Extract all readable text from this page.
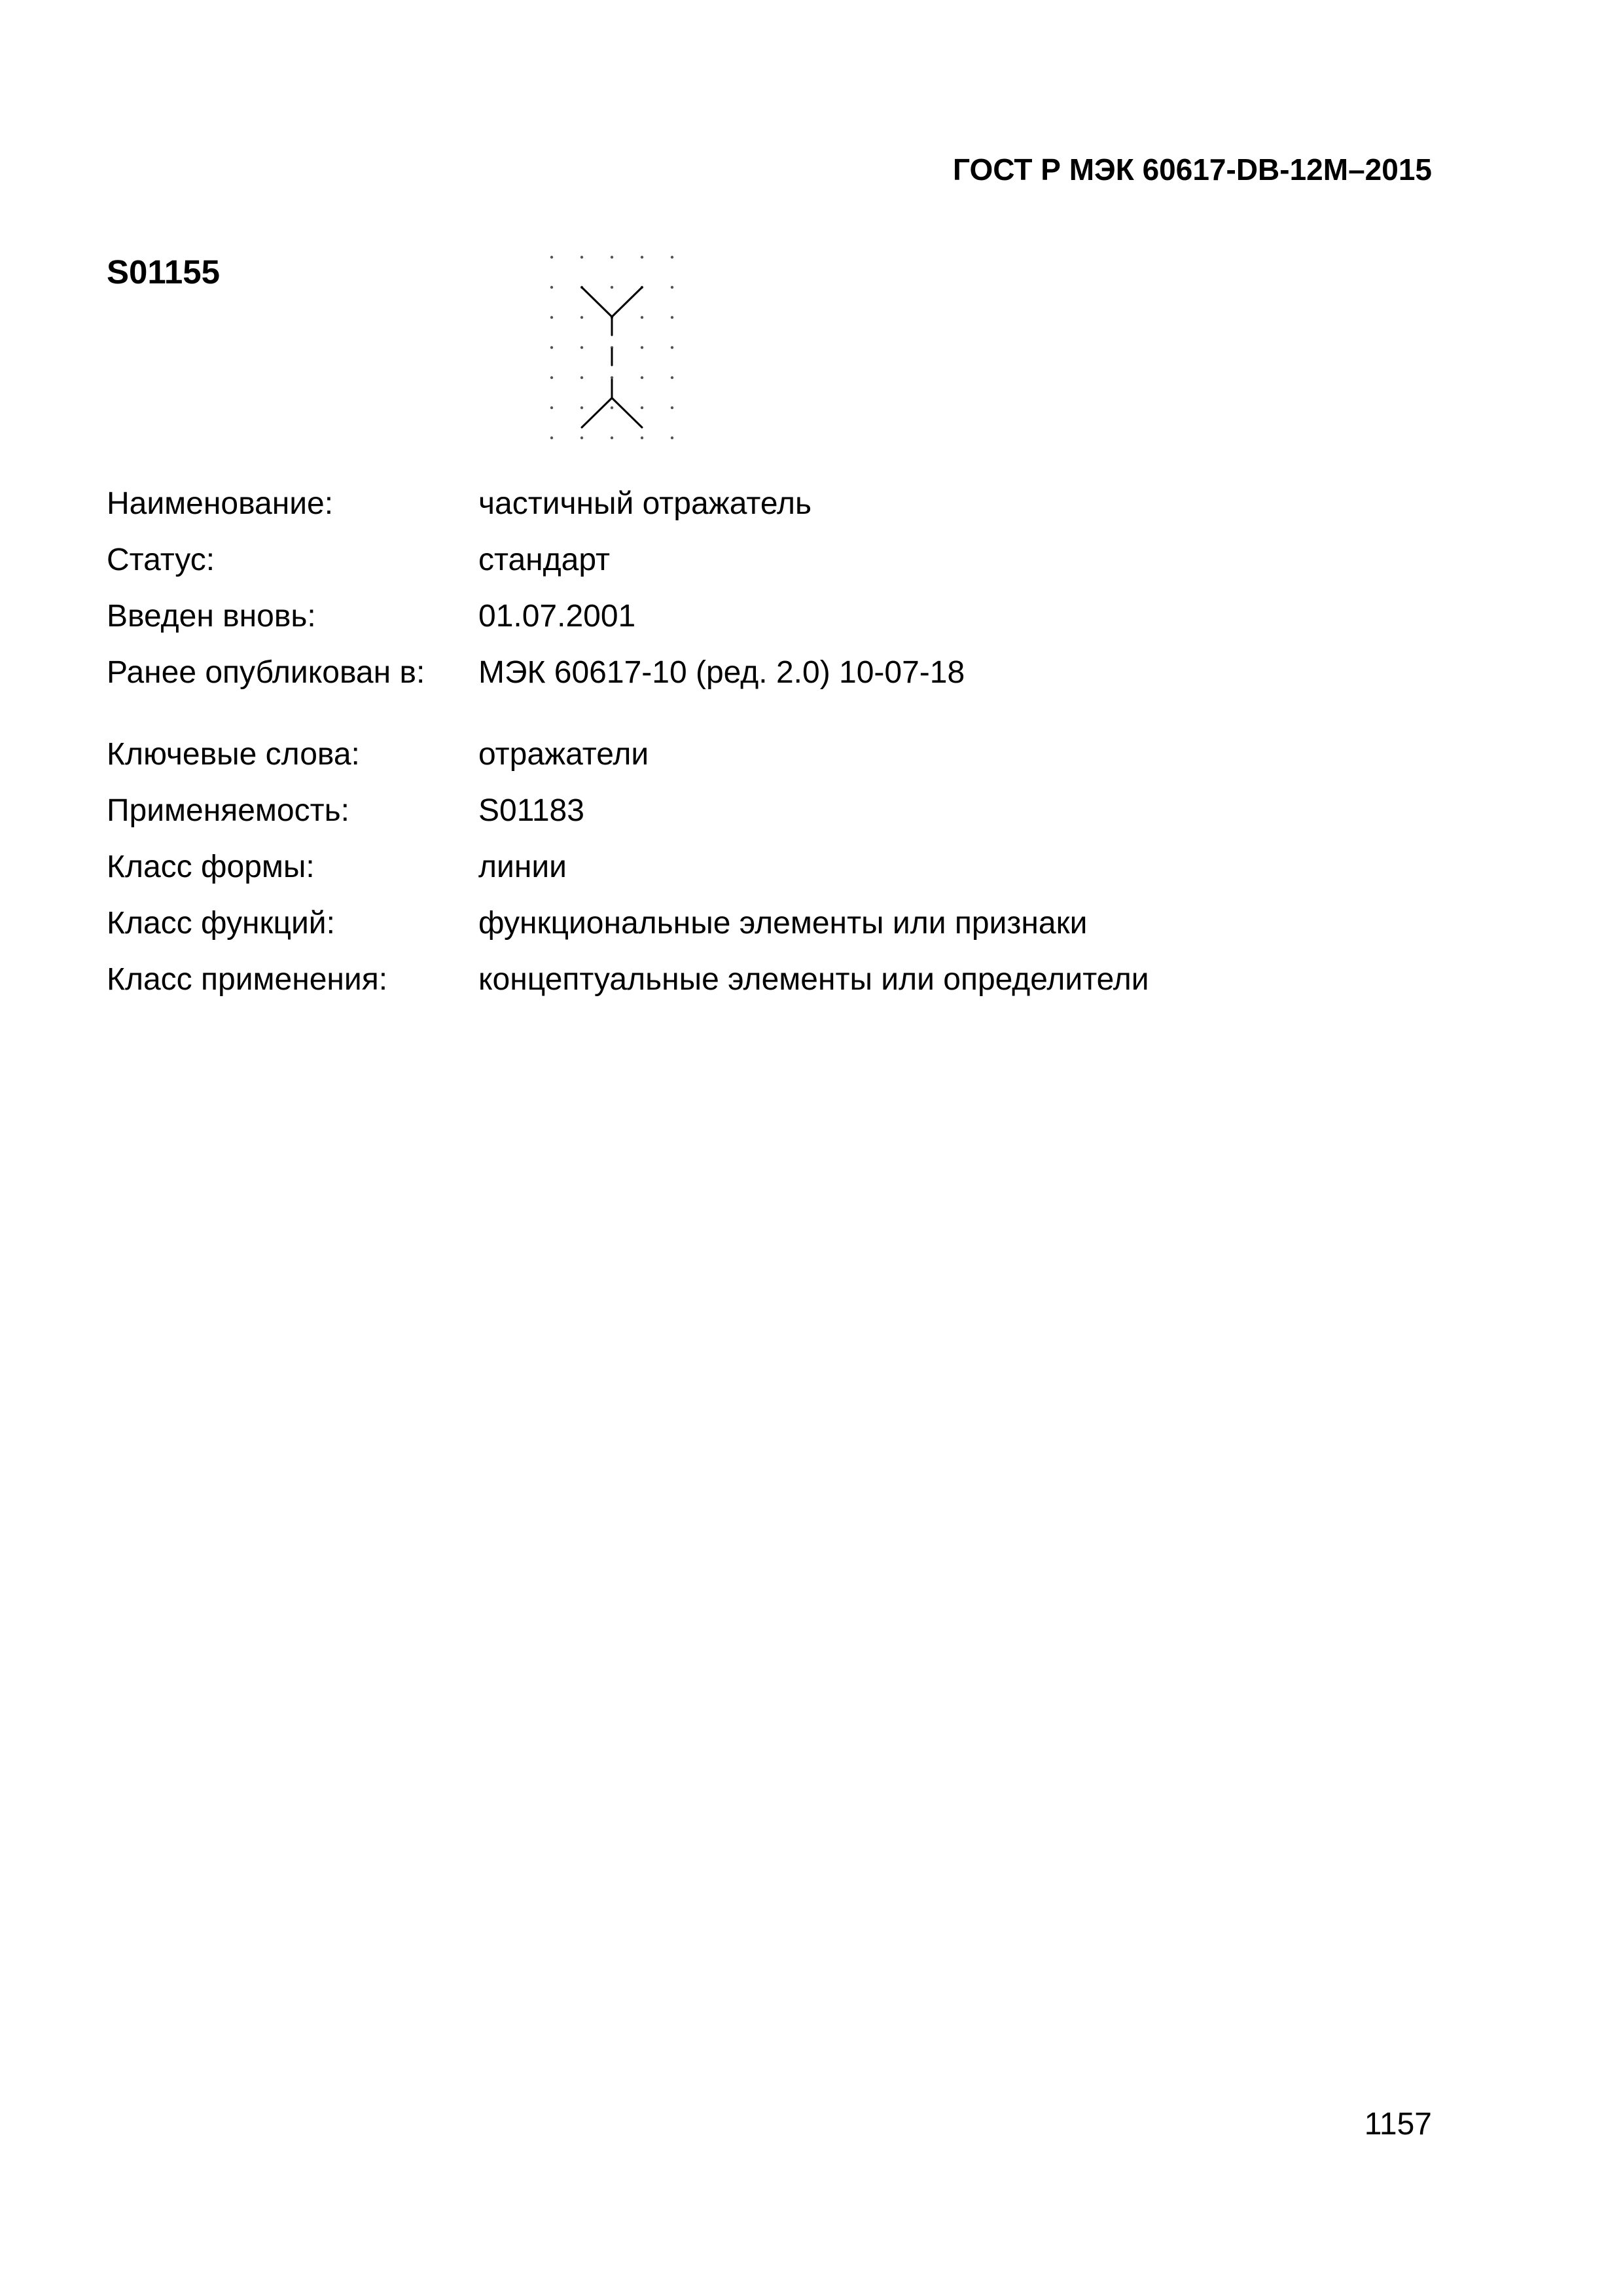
ГОСТ Р МЭК 60617-DB-12M–2015
S01155
Наименование:	частичный отражатель
Статус:	стандарт
Введен вновь:	01.07.2001
Ранее опубликован в: МЭК 60617-10 (ред. 2.0) 10-07-18
Ключевые слова:	отражатели
Применяемость:	S01183
Класс формы:	линии
Класс функций:	функциональные элементы или признаки
Класс применения:	концептуальные элементы или определители
1157
